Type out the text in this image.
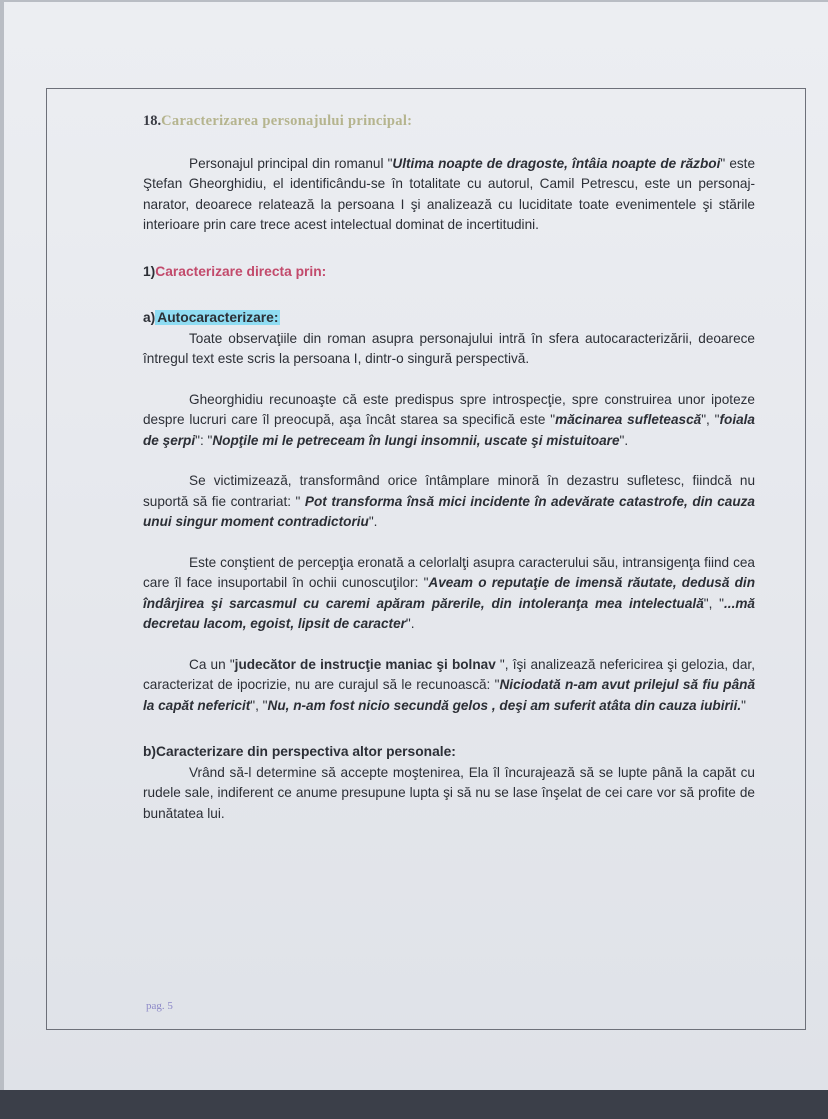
18.Caracterizarea personajului principal:

Personajul principal din romanul "Ultima noapte de dragoste, întâia noapte de război" este Ştefan Gheorghidiu, el identificându-se în totalitate cu autorul, Camil Petrescu, este un personaj-narator, deoarece relatează la persoana I şi analizează cu luciditate toate evenimentele şi stările interioare prin care trece acest intelectual dominat de incertitudini.

1)Caracterizare directa prin:
a) Autocaracterizare:

Toate observaţiile din roman asupra personajului intră în sfera autocaracterizării, deoarece întregul text este scris la persoana I, dintr-o singură perspectivă.

Gheorghidiu recunoaşte că este predispus spre introspecţie, spre construirea unor ipoteze despre lucruri care îl preocupă, aşa încât starea sa specifică este "măcinarea sufletească", "foiala de şerpi": "Nopţile mi le petreceam în lungi insomnii, uscate şi mistuitoare".

Se victimizează, transformând orice întâmplare minoră în dezastru sufletesc, fiindcă nu suportă să fie contrariat: " Pot transforma însă mici incidente în adevărate catastrofe, din cauza unui singur moment contradictoriu".

Este conştient de percepţia eronată a celorlalţi asupra caracterului său, intransigenţa fiind cea care îl face insuportabil în ochii cunoscuţilor: "Aveam o reputaţie de imensă răutate, dedusă din îndârjirea şi sarcasmul cu caremi apăram părerile, din intoleranţa mea intelectuală", "...mă decretau lacom, egoist, lipsit de caracter".

Ca un "judecător de instrucţie maniac şi bolnav ", îşi analizează nefericirea şi gelozia, dar, caracterizat de ipocrizie, nu are curajul să le recunoască: "Niciodată n-am avut prilejul să fiu până la capăt nefericit", "Nu, n-am fost nicio secundă gelos , deşi am suferit atâta din cauza iubirii."

b)Caracterizare din perspectiva altor personale:

Vrând să-l determine să accepte moştenirea, Ela îl încurajează să se lupte până la capăt cu rudele sale, indiferent ce anume presupune lupta şi să nu se lase înşelat de cei care vor să profite de bunătatea lui.

pag. 5
